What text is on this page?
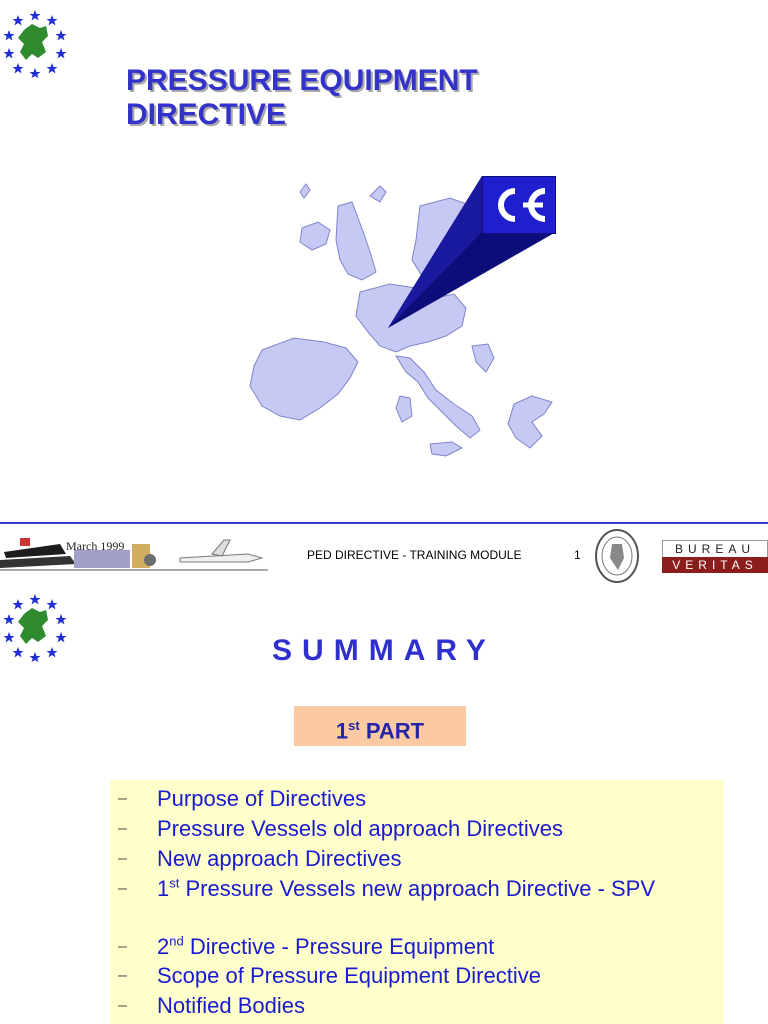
PRESSURE EQUIPMENT
DIRECTIVE
March 1999
PED DIRECTIVE - TRAINING MODULE	1	BUREAU
VERITAS
SUMMARY
1st PART
– Purpose of Directives
– Pressure Vessels old approach Directives
– New approach Directives
– 1st Pressure Vessels new approach Directive - SPV
– 2nd Directive - Pressure Equipment
– Scope of Pressure Equipment Directive
– Notified Bodies
